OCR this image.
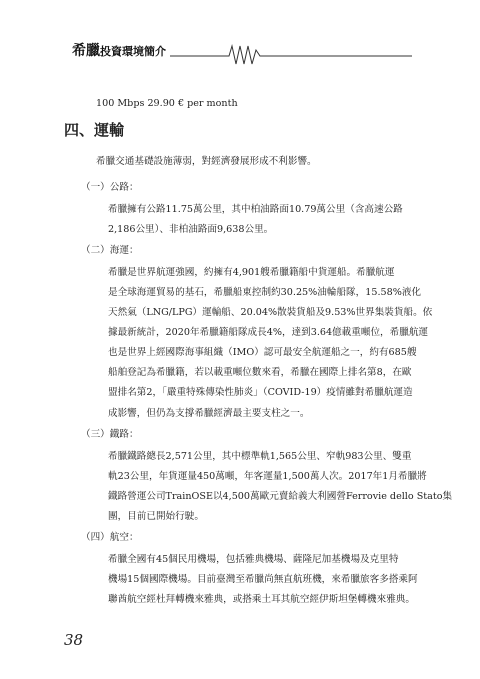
希臘投資環境簡介
100 Mbps 29.90 € per month
四、運輸
希臘交通基礎設施薄弱，對經濟發展形成不利影響。
（一）公路：
希臘擁有公路11.75萬公里，其中柏油路面10.79萬公里（含高速公路
2,186公里）、非柏油路面9,638公里。
（二）海運：
希臘是世界航運強國，約擁有4,901艘希臘籍船中貨運船。希臘航運
是全球海運貿易的基石，希臘船東控制約30.25%油輪船隊，15.58%液化
天然氣（LNG/LPG）運輸船、20.04%散裝貨船及9.53%世界集裝貨船。依
據最新統計，2020年希臘籍船隊成長4%，達到3.64億載重噸位，希臘航運
也是世界上經國際海事組織（IMO）認可最安全航運船之一，約有685艘
船舶登記為希臘籍，若以載重噸位數來看，希臘在國際上排名第8，在歐
盟排名第2，「嚴重特殊傳染性肺炎」（COVID-19）疫情雖對希臘航運造
成影響，但仍為支撐希臘經濟最主要支柱之一。
（三）鐵路：
希臘鐵路總長2,571公里，其中標準軌1,565公里、窄軌983公里、雙重
軌23公里，年貨運量450萬噸，年客運量1,500萬人次。2017年1月希臘將
鐵路營運公司TrainOSE以4,500萬歐元賣給義大利國營Ferrovie dello Stato集
團，目前已開始行駛。
（四）航空：
希臘全國有45個民用機場，包括雅典機場、薩隆尼加基機場及克里特
機場15個國際機場。目前臺灣至希臘尚無直航班機，來希臘旅客多搭乘阿
聯酋航空經杜拜轉機來雅典，或搭乘土耳其航空經伊斯坦堡轉機來雅典。
38
